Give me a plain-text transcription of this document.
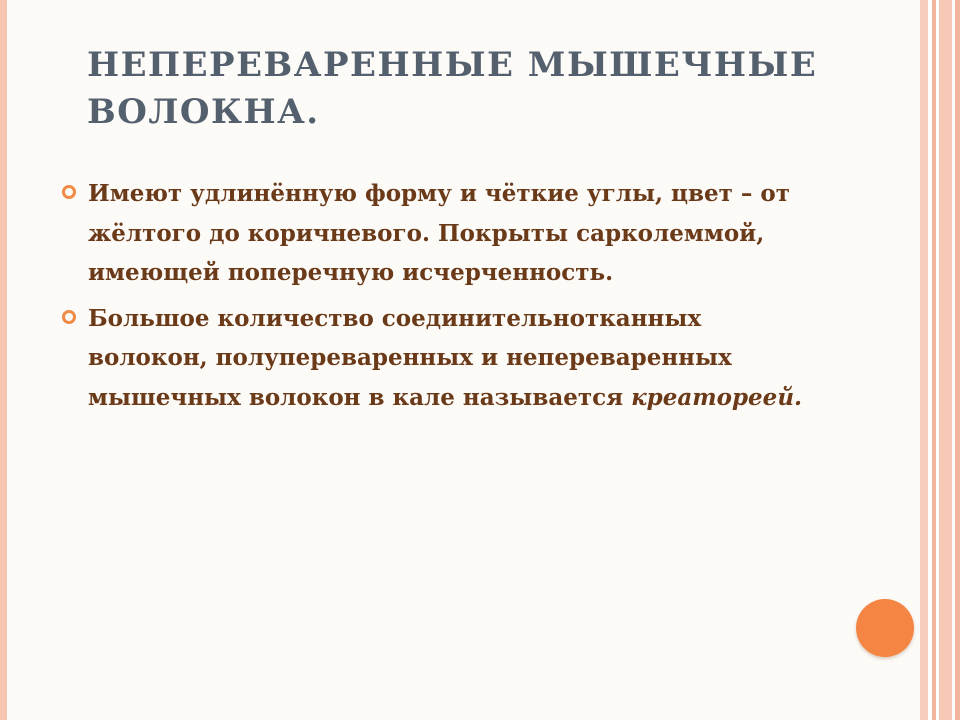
НЕПЕРЕВАРЕННЫЕ МЫШЕЧНЫЕ ВОЛОКНА.
Имеют удлинённую форму и чёткие углы, цвет – от жёлтого до коричневого. Покрыты сарколеммой, имеющей поперечную исчерченность.
Большое количество соединительнотканных волокон, полупереваренных и непереваренных мышечных волокон в кале называется креатореей.
